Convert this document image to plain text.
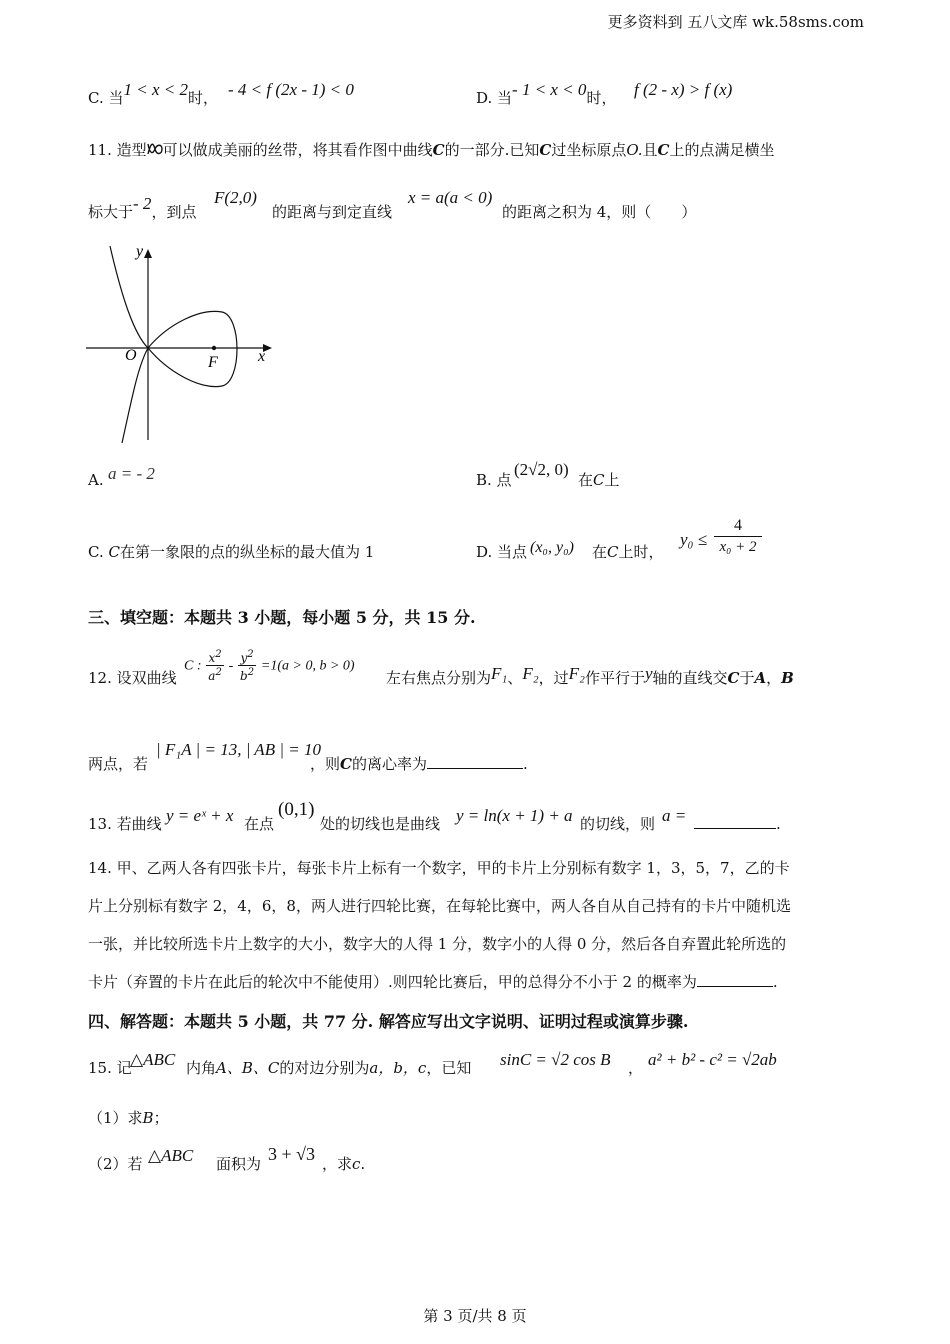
更多资料到 五八文库 wk.58sms.com
C. 当1 < x < 2时， - 4 < f (2x - 1) < 0	D. 当- 1 < x < 0时， f (2 - x) > f (x)
11. 造型 可以做成美丽的丝带，将其看作图中曲线C的一部分.已知C过坐标原点O.且C上的点满足横坐
标大于- 2，到点
F(2,0)
的距离与到定直线
x = a(a < 0)
的距离之积为 4，则（　　）
F
O
y
x
A. a = - 2	B. 点
(2√2, 0)
在C上
C. C在第一象限的点的纵坐标的最大值为 1	D. 当点 (x₀, y₀) 在C上时，
$y_0 \le \frac{4}{\text{x₀ + 2}}$
三、填空题：本题共 3 小题，每小题 5 分，共 15 分.
12. 设双曲线
C : $\frac{x^2}{a^2} - \frac{y^2}{b^2} =1(a > 0$, b > 0)
左右焦点分别为F₁、F₂，过F₂作平行于y轴的直线交C于A，B
两点，若
| F₁A | = 13, | AB | = 10
，则C的离心率为	.
13. 若曲线 y = eˣ + x 在点
(0,1)
处的切线也是曲线 y = ln(x + 1) + a 的切线，则 a =	.
14. 甲、乙两人各有四张卡片，每张卡片上标有一个数字，甲的卡片上分别标有数字 1，3，5，7，乙的卡
片上分别标有数字 2，4，6，8，两人进行四轮比赛，在每轮比赛中，两人各自从自己持有的卡片中随机选
一张，并比较所选卡片上数字的大小，数字大的人得 1 分，数字小的人得 0 分，然后各自弃置此轮所选的
卡片（弃置的卡片在此后的轮次中不能使用）.则四轮比赛后，甲的总得分不小于 2 的概率为	.
四、解答题：本题共 5 小题，共 77 分. 解答应写出文字说明、证明过程或演算步骤.
15. 记
△ABC 内角A、B、C的对边分别为a，b，c，已知 sinC = √2 cos B ， a² + b² - c² = √2ab
（1）求B；
（2）若 △ABC 面积为 3 + √3 ，求c.
第 3 页/共 8 页
